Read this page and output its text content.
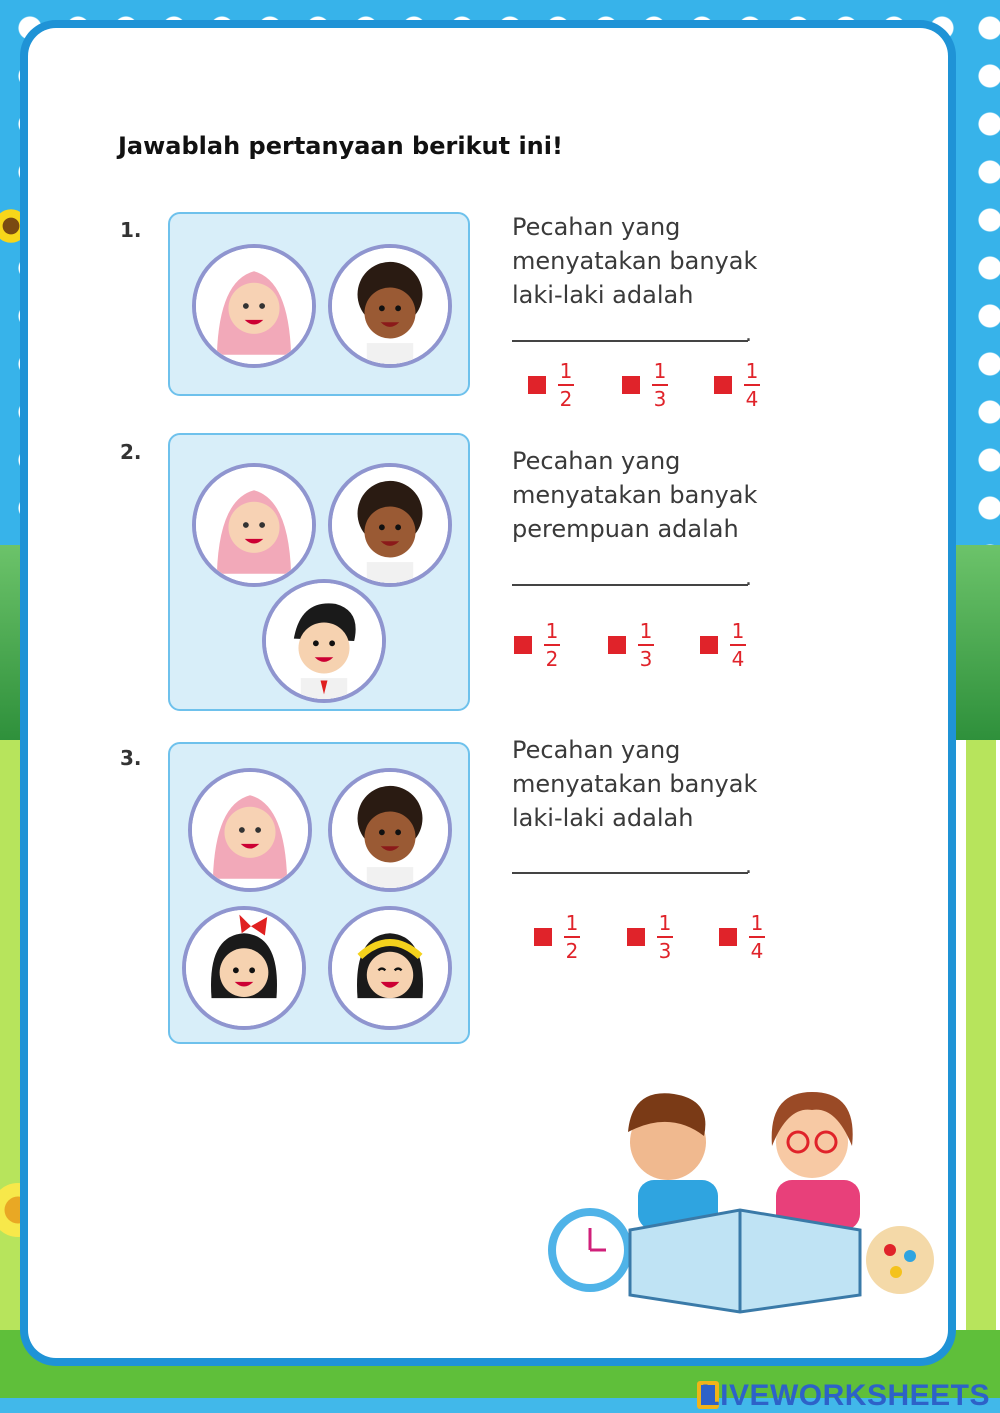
Jawablah pertanyaan berikut ini!
1.	Pecahan yang
menyatakan banyak
laki-laki adalah
.
$\frac{1}{2}$	$\frac{1}{3}$	$\frac{1}{4}$
2.	Pecahan yang
menyatakan banyak
perempuan adalah
.
$\frac{1}{2}$	$\frac{1}{3}$	$\frac{1}{4}$
3.	Pecahan yang
menyatakan banyak
laki-laki adalah
.
$\frac{1}{2}$	$\frac{1}{3}$	$\frac{1}{4}$
LIVEWORKSHEETS
